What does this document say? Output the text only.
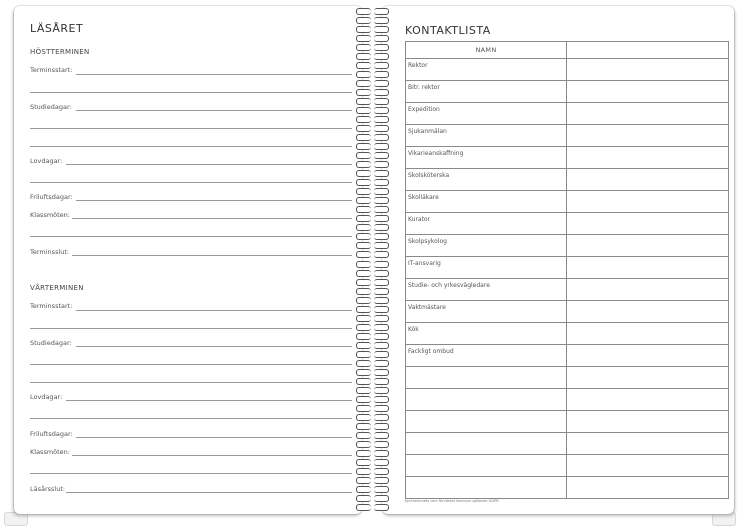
LÄSÅRET
HÖSTTERMINEN
Terminsstart:
Studiedagar:
Lovdagar:
Friluftsdagar:
Klassmöten:
Terminsslut:
VÅRTERMINEN
Terminsstart:
Studiedagar:
Lovdagar:
Friluftsdagar:
Klassmöten:
Läsårsslut:
KONTAKTLISTA
NAMN
Rektor
Bitr. rektor
Expedition
Sjukanmälan
Vikarieanskaffning
Skolsköterska
Skolläkare
Kurator
Skolpsykolog
IT-ansvarig
Studie- och yrkesvägledare
Vaktmästare
Kök
Fackligt ombud
Kyrkhemmets com förväntat kommun gällande GDPR.
